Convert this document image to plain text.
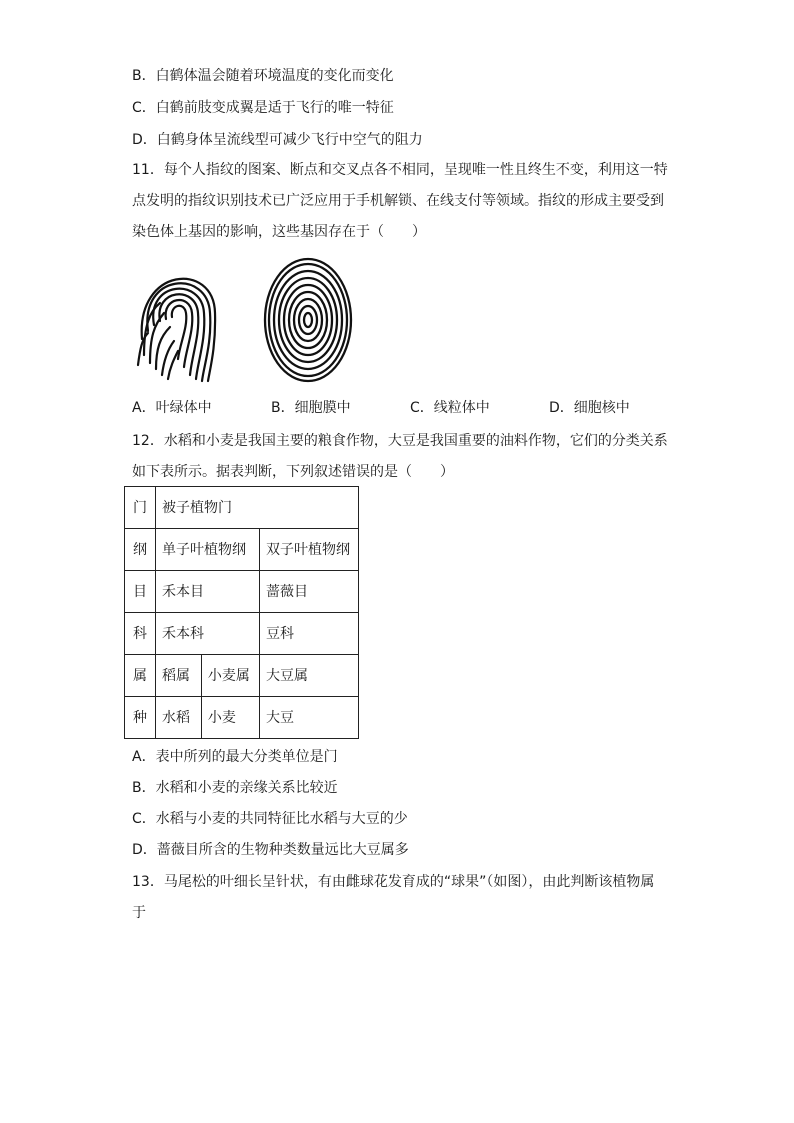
B．白鹤体温会随着环境温度的变化而变化
C．白鹤前肢变成翼是适于飞行的唯一特征
D．白鹤身体呈流线型可减少飞行中空气的阻力
11．每个人指纹的图案、断点和交叉点各不相同，呈现唯一性且终生不变，利用这一特
点发明的指纹识别技术已广泛应用于手机解锁、在线支付等领域。指纹的形成主要受到
染色体上基因的影响，这些基因存在于（　　）
A．叶绿体中	B．细胞膜中	C．线粒体中	D．细胞核中
12．水稻和小麦是我国主要的粮食作物，大豆是我国重要的油料作物，它们的分类关系
如下表所示。据表判断，下列叙述错误的是（　　）
门	被子植物门		
纲	单子叶植物纲		双子叶植物纲
目	禾本目		蔷薇目
科	禾本科		豆科
属	稻属	小麦属	大豆属
种	水稻	小麦	大豆
A．表中所列的最大分类单位是门
B．水稻和小麦的亲缘关系比较近
C．水稻与小麦的共同特征比水稻与大豆的少
D．蔷薇目所含的生物种类数量远比大豆属多
13．马尾松的叶细长呈针状，有由雌球花发育成的“球果”（如图），由此判断该植物属
于
